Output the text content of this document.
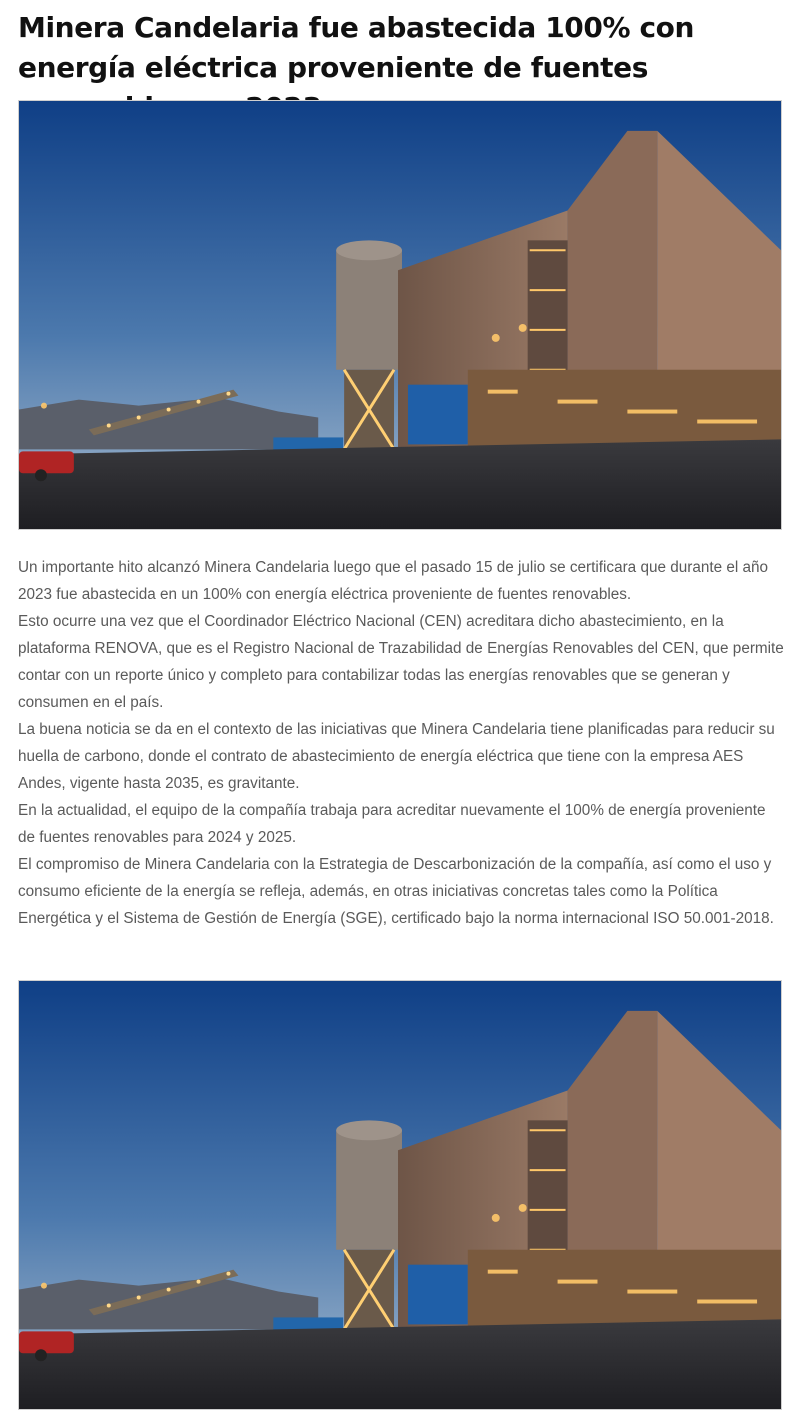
Minera Candelaria fue abastecida 100% con energía eléctrica proveniente de fuentes

Un importante hito alcanzó Minera Candelaria luego que el pasado 15 de julio se certificara que durante el año 2023 fue abastecida en un 100% con energía eléctrica proveniente de fuentes renovables.

Esto ocurre una vez que el Coordinador Eléctrico Nacional (CEN) acreditara dicho abastecimiento, en la plataforma RENOVA, que es el Registro Nacional de Trazabilidad de Energías Renovables del CEN, que permite contar con un reporte único y completo para contabilizar todas las energías renovables que se generan y consumen en el país.

La buena noticia se da en el contexto de las iniciativas que Minera Candelaria tiene planificadas para reducir su huella de carbono, donde el contrato de abastecimiento de energía eléctrica que tiene con la empresa AES Andes, vigente hasta 2035, es gravitante.

En la actualidad, el equipo de la compañía trabaja para acreditar nuevamente el 100% de energía proveniente de fuentes renovables para 2024 y 2025.

El compromiso de Minera Candelaria con la Estrategia de Descarbonización de la compañía, así como el uso y consumo eficiente de la energía se refleja, además, en otras iniciativas concretas tales como la Política Energética y el Sistema de Gestión de Energía (SGE), certificado bajo la norma internacional ISO 50.001-2018.
